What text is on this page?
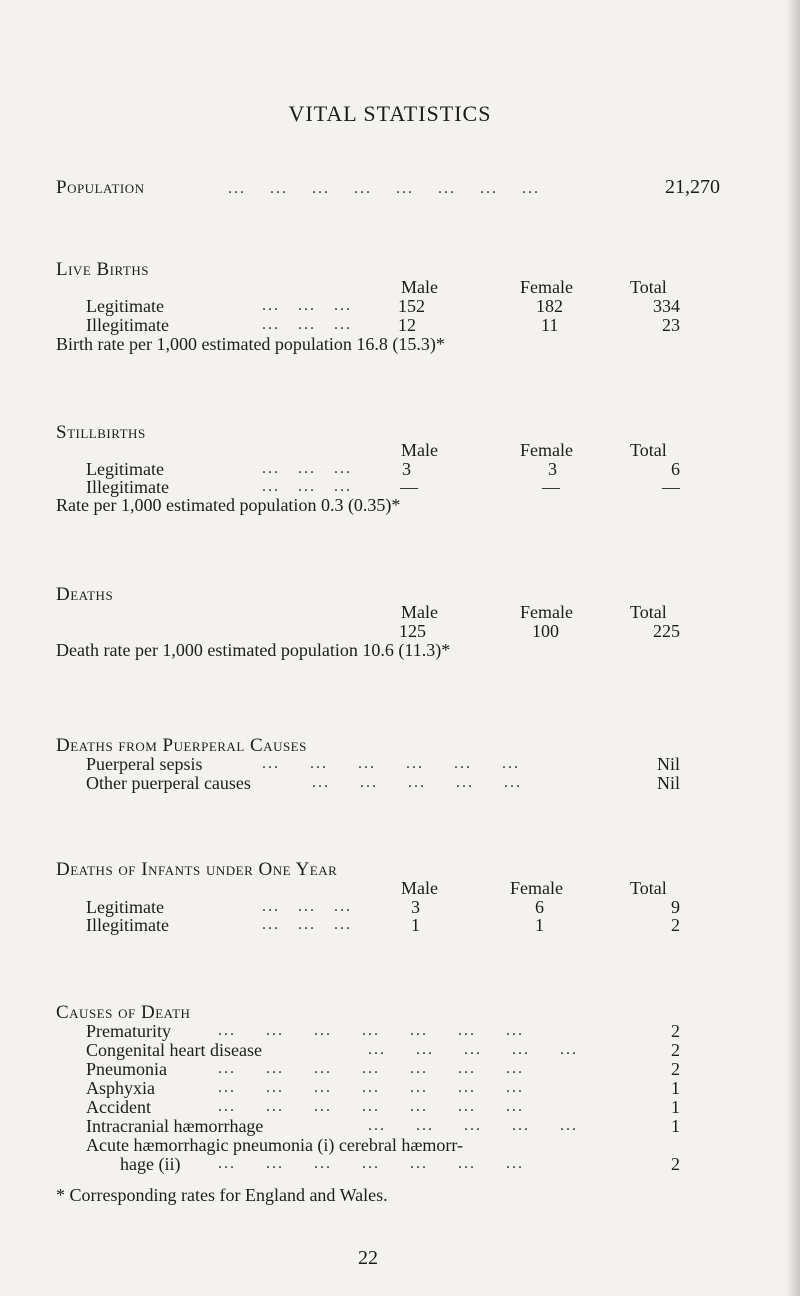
VITAL STATISTICS
Population	...    ...    ...    ...    ...    ...    ...    ...	21,270
Live Births
Male	Female	Total
Legitimate	...   ...   ...	152	182	334
Illegitimate	...   ...   ...	12	11	23
Birth rate per 1,000 estimated population 16.8 (15.3)*
Stillbirths
Male	Female	Total
Legitimate	...   ...   ...	3	3	6
Illegitimate	...   ...   ...	—	—	—
Rate per 1,000 estimated population 0.3 (0.35)*
Deaths
Male	Female	Total
125	100	225
Death rate per 1,000 estimated population 10.6 (11.3)*
Deaths from Puerperal Causes
Puerperal sepsis	...     ...     ...     ...     ...     ...	Nil
Other puerperal causes	...     ...     ...     ...     ...	Nil
Deaths of Infants under One Year
Male	Female	Total
Legitimate	...   ...   ...	3	6	9
Illegitimate	...   ...   ...	1	1	2
Causes of Death
Prematurity	...     ...     ...     ...     ...     ...     ...	2
Congenital heart disease	...     ...     ...     ...     ...	2
Pneumonia	...     ...     ...     ...     ...     ...     ...	2
Asphyxia	...     ...     ...     ...     ...     ...     ...	1
Accident	...     ...     ...     ...     ...     ...     ...	1
Intracranial hæmorrhage	...     ...     ...     ...     ...	1
Acute hæmorrhagic pneumonia (i) cerebral hæmorr-
hage (ii) ...     ...     ...     ...     ...     ...     ...	2
* Corresponding rates for England and Wales.
22
